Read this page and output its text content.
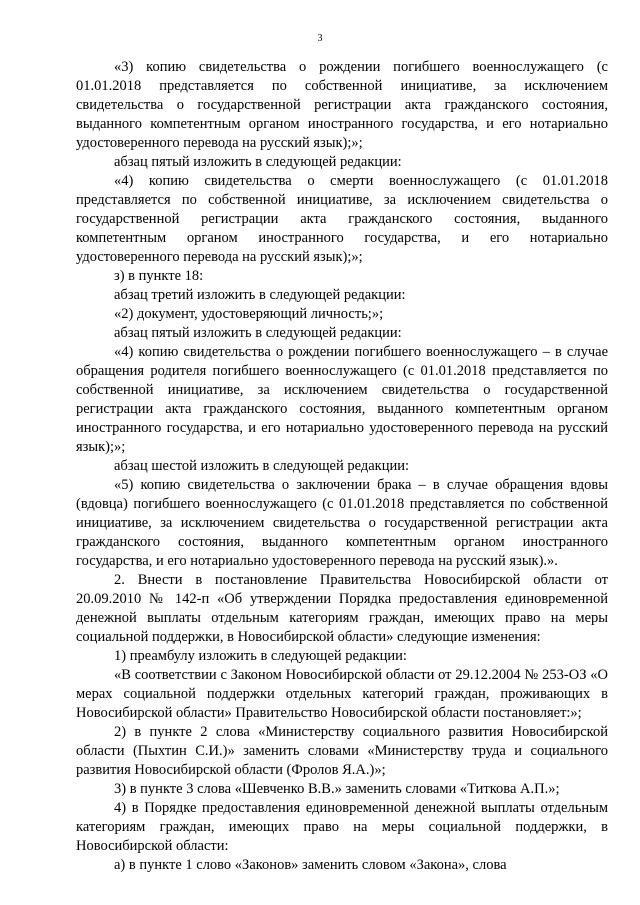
3

«3) копию свидетельства о рождении погибшего военнослужащего (с 01.01.2018 представляется по собственной инициативе, за исключением свидетельства о государственной регистрации акта гражданского состояния, выданного компетентным органом иностранного государства, и его нотариально удостоверенного перевода на русский язык);»;

абзац пятый изложить в следующей редакции:

«4) копию свидетельства о смерти военнослужащего (с 01.01.2018 представляется по собственной инициативе, за исключением свидетельства о государственной регистрации акта гражданского состояния, выданного компетентным органом иностранного государства, и его нотариально удостоверенного перевода на русский язык);»;

з) в пункте 18:

абзац третий изложить в следующей редакции:

«2) документ, удостоверяющий личность;»;

абзац пятый изложить в следующей редакции:

«4) копию свидетельства о рождении погибшего военнослужащего – в случае обращения родителя погибшего военнослужащего (с 01.01.2018 представляется по собственной инициативе, за исключением свидетельства о государственной регистрации акта гражданского состояния, выданного компетентным органом иностранного государства, и его нотариально удостоверенного перевода на русский язык);»;

абзац шестой изложить в следующей редакции:

«5) копию свидетельства о заключении брака – в случае обращения вдовы (вдовца) погибшего военнослужащего (с 01.01.2018 представляется по собственной инициативе, за исключением свидетельства о государственной регистрации акта гражданского состояния, выданного компетентным органом иностранного государства, и его нотариально удостоверенного перевода на русский язык).».

2. Внести в постановление Правительства Новосибирской области от 20.09.2010 № 142-п «Об утверждении Порядка предоставления единовременной денежной выплаты отдельным категориям граждан, имеющих право на меры социальной поддержки, в Новосибирской области» следующие изменения:

1) преамбулу изложить в следующей редакции:

«В соответствии с Законом Новосибирской области от 29.12.2004 № 253-ОЗ «О мерах социальной поддержки отдельных категорий граждан, проживающих в Новосибирской области» Правительство Новосибирской области постановляет:»;

2) в пункте 2 слова «Министерству социального развития Новосибирской области (Пыхтин С.И.)» заменить словами «Министерству труда и социального развития Новосибирской области (Фролов Я.А.)»;

3) в пункте 3 слова «Шевченко В.В.» заменить словами «Титкова А.П.»;

4) в Порядке предоставления единовременной денежной выплаты отдельным категориям граждан, имеющих право на меры социальной поддержки, в Новосибирской области:

а) в пункте 1 слово «Законов» заменить словом «Закона», слова
